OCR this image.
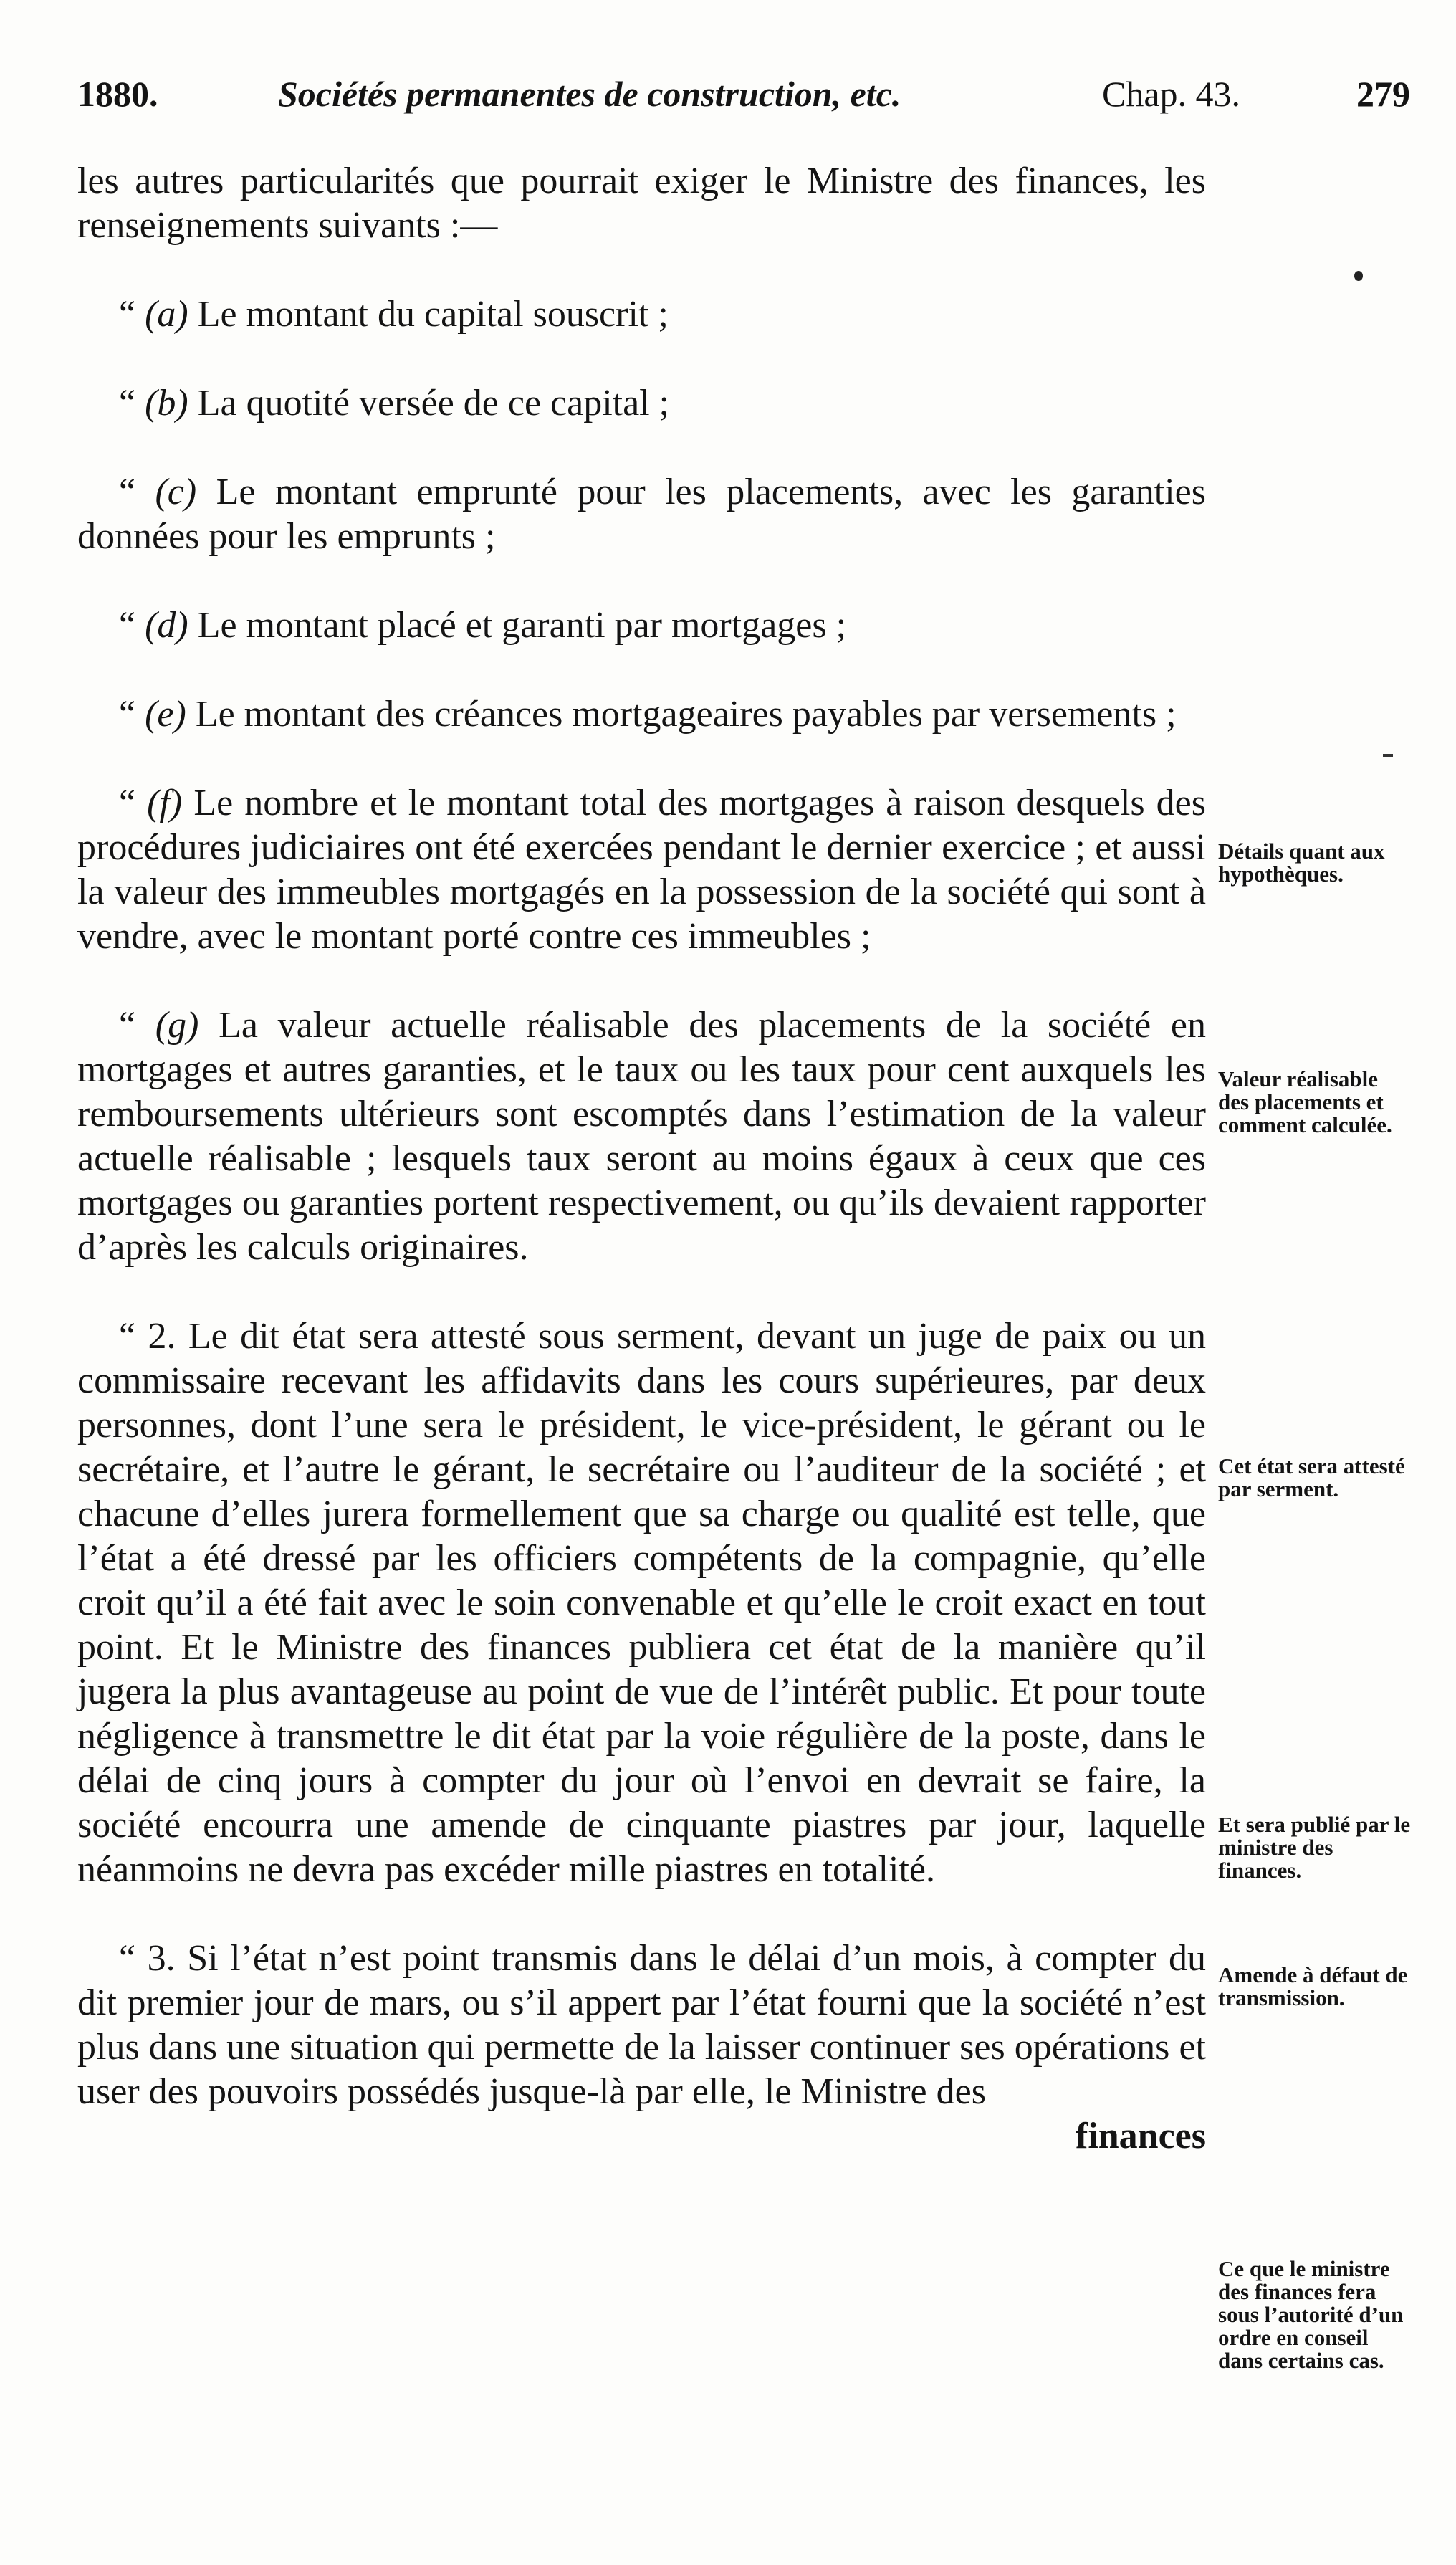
1880.	Sociétés permanentes de construction, etc.	Chap. 43.	279

les autres particularités que pourrait exiger le Ministre des finances, les renseignements suivants :—

“ (a) Le montant du capital souscrit ;

“ (b) La quotité versée de ce capital ;

“ (c) Le montant emprunté pour les placements, avec les garanties données pour les emprunts ;

“ (d) Le montant placé et garanti par mortgages ;

“ (e) Le montant des créances mortgageaires payables par versements ;

“ (f) Le nombre et le montant total des mortgages à raison desquels des procédures judiciaires ont été exercées pendant le dernier exercice ; et aussi la valeur des immeubles mortgagés en la possession de la société qui sont à vendre, avec le montant porté contre ces immeubles ;

“ (g) La valeur actuelle réalisable des placements de la société en mortgages et autres garanties, et le taux ou les taux pour cent auxquels les remboursements ultérieurs sont escomptés dans l’estimation de la valeur actuelle réalisable ; lesquels taux seront au moins égaux à ceux que ces mortgages ou garanties portent respectivement, ou qu’ils devaient rapporter d’après les calculs originaires.

“ 2. Le dit état sera attesté sous serment, devant un juge de paix ou un commissaire recevant les affidavits dans les cours supérieures, par deux personnes, dont l’une sera le président, le vice-président, le gérant ou le secrétaire, et l’autre le gérant, le secrétaire ou l’auditeur de la société ; et chacune d’elles jurera formellement que sa charge ou qualité est telle, que l’état a été dressé par les officiers compétents de la compagnie, qu’elle croit qu’il a été fait avec le soin convenable et qu’elle le croit exact en tout point. Et le Ministre des finances publiera cet état de la manière qu’il jugera la plus avantageuse au point de vue de l’intérêt public. Et pour toute négligence à transmettre le dit état par la voie régulière de la poste, dans le délai de cinq jours à compter du jour où l’envoi en devrait se faire, la société encourra une amende de cinquante piastres par jour, laquelle néanmoins ne devra pas excéder mille piastres en totalité.

“ 3. Si l’état n’est point transmis dans le délai d’un mois, à compter du dit premier jour de mars, ou s’il appert par l’état fourni que la société n’est plus dans une situation qui permette de la laisser continuer ses opérations et user des pouvoirs possédés jusque-là par elle, le Ministre des

finances

Détails quant aux hypothèques.
Valeur réalisable des placements et comment calculée.
Cet état sera attesté par serment.
Et sera publié par le ministre des finances.
Amende à défaut de transmission.
Ce que le ministre des finances fera sous l’autorité d’un ordre en conseil dans certains cas.
